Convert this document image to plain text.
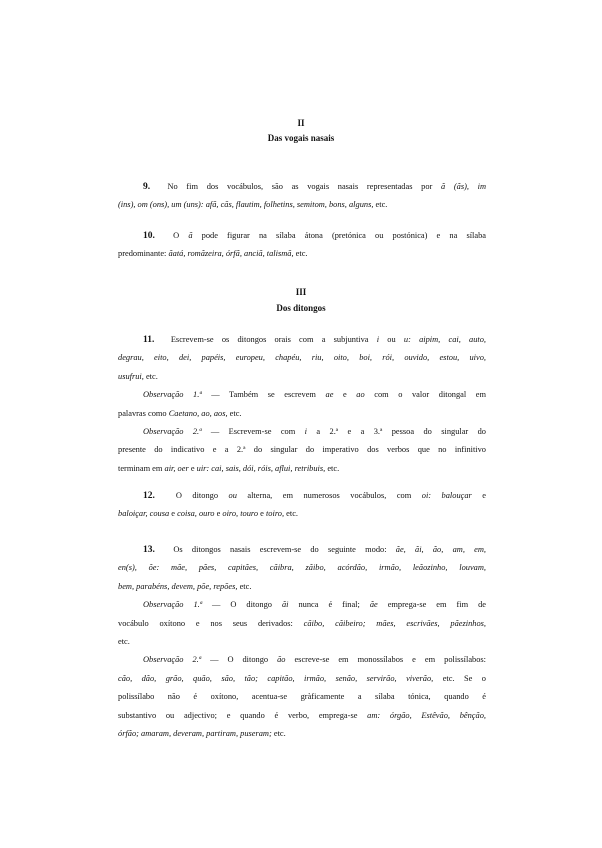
II
Das vogais nasais
9. No fim dos vocábulos, são as vogais nasais representadas por ã (ãs), im
(ins), om (ons), um (uns): afã, cãs, flautim, folhetins, semitom, bons, alguns, etc.
10. O ã pode figurar na sílaba átona (pretónica ou postónica) e na sílaba
predominante: ãatá, romãzeira, órfã, anciã, talismã, etc.
III
Dos ditongos
11. Escrevem-se os ditongos orais com a subjuntiva i ou u: aipim, cai, auto,
degrau, eito, dei, papéis, europeu, chapéu, riu, oito, boi, rói, ouvido, estou, uivo,
usufrui, etc.
Observação 1.ª — Também se escrevem ae e ao com o valor ditongal em
palavras como Caetano, ao, aos, etc.
Observação 2.ª — Escrevem-se com i a 2.ª e a 3.ª pessoa do singular do
presente do indicativo e a 2.ª do singular do imperativo dos verbos que no infinitivo
terminam em air, oer e uir: cai, sais, dói, róis, aflui, retribuis, etc.
12.	O ditongo ou alterna, em numerosos vocábulos, com oi: balouçar e
baloiçar, cousa e coisa, ouro e oiro, touro e toiro, etc.
13. Os ditongos nasais escrevem-se do seguinte modo: ãe, ãi, ão, am, em,
en(s), õe: mãe, pães, capitães, cãibra, zãibo, acórdão, irmão, leãozinho, louvam,
bem, parabéns, devem, põe, repões, etc.
Observação 1.ª — O ditongo ãi nunca é final; ãe emprega-se em fim de
vocábulo oxítono e nos seus derivados: cãibo, cãibeiro; mães, escrivães, pãezinhos,
etc.
Observação 2.ª — O ditongo ão escreve-se em monossílabos e em polissílabos:
cão, dão, grão, quão, são, tão; capitão, irmão, senão, servirão, viverão, etc. Se o
polissílabo não é oxítono, acentua-se gràficamente a sílaba tónica, quando é
substantivo ou adjectivo; e quando é verbo, emprega-se am: órgão, Estêvão, bênção,
órfão; amaram, deveram, partiram, puseram; etc.
